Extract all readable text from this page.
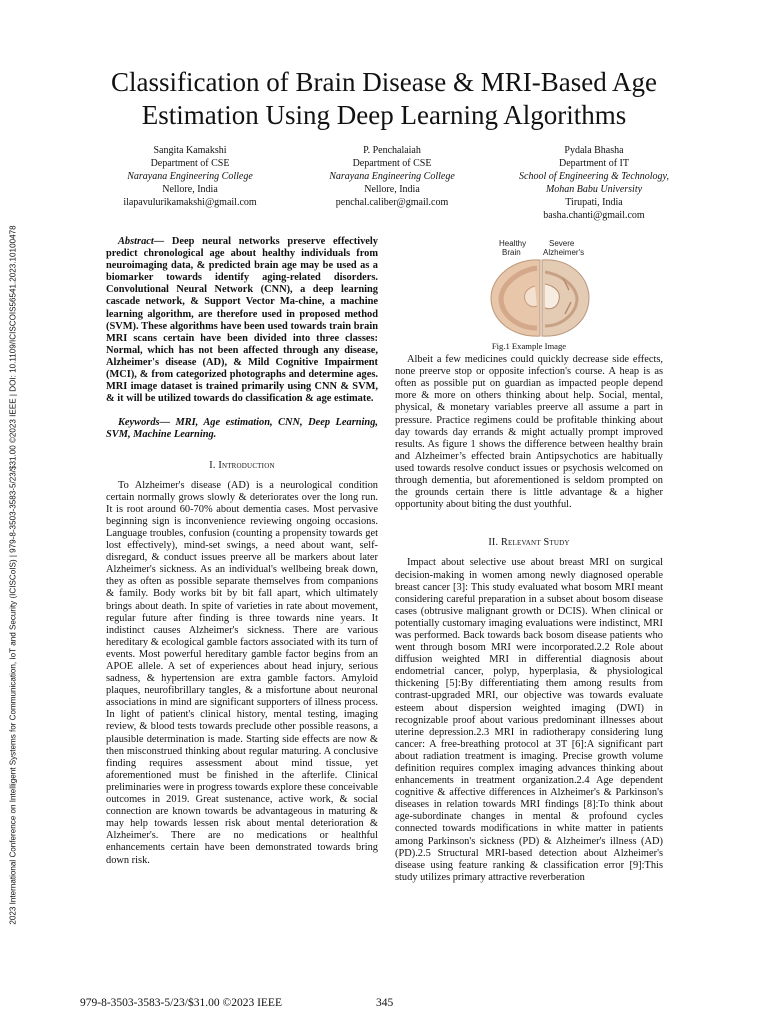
2023 International Conference on Intelligent Systems for Communication, IoT and Security (ICISCoIS) | 979-8-3503-3583-5/23/$31.00 ©2023 IEEE | DOI: 10.1109/ICISCOIS56541.2023.10100478
Classification of Brain Disease & MRI-Based Age
Estimation Using Deep Learning Algorithms
Sangita Kamakshi
Department of CSE
Narayana Engineering College
Nellore, India
ilapavulurikamakshi@gmail.com
P. Penchalaiah
Department of CSE
Narayana Engineering College
Nellore, India
penchal.caliber@gmail.com
Pydala Bhasha
Department of IT
School of Engineering & Technology,
Mohan Babu University
Tirupati, India
basha.chanti@gmail.com

Abstract— Deep neural networks preserve effectively predict chronological age about healthy individuals from neuroimaging data, & predicted brain age may be used as a biomarker towards identify aging-related disorders. Convolutional Neural Network (CNN), a deep learning cascade network, & Support Vector Ma-chine, a machine learning algorithm, are therefore used in proposed method (SVM). These algorithms have been used towards train brain MRI scans certain have been divided into three classes: Normal, which has not been affected through any disease, Alzheimer's disease (AD), & Mild Cognitive Impairment (MCI), & from categorized photographs and determine ages. MRI image dataset is trained primarily using CNN & SVM, & it will be utilized towards do classification & age estimate.

Keywords— MRI, Age estimation, CNN, Deep Learning, SVM, Machine Learning.

I. Introduction

To Alzheimer's disease (AD) is a neurological condition certain normally grows slowly & deteriorates over the long run. It is root around 60-70% about dementia cases. Most pervasive beginning sign is inconvenience reviewing ongoing occasions. Language troubles, confusion (counting a propensity towards get lost effectively), mind-set swings, a need about want, self-disregard, & conduct issues preerve all be markers about later Alzheimer's sickness. As an individual's wellbeing break down, they as often as possible separate themselves from companions & family. Body works bit by bit fall apart, which ultimately brings about death. In spite of varieties in rate about movement, regular future after finding is three towards nine years. It indistinct causes Alzheimer's sickness. There are various hereditary & ecological gamble factors associated with its turn of events. Most powerful hereditary gamble factor begins from an APOE allele. A set of experiences about head injury, serious sadness, & hypertension are extra gamble factors. Amyloid plaques, neurofibrillary tangles, & a misfortune about neuronal associations in mind are significant supporters of illness process. In light of patient's clinical history, mental testing, imaging review, & blood tests towards preclude other possible reasons, a plausible determination is made. Starting side effects are now & then misconstrued thinking about regular maturing. A conclusive finding requires assessment about mind tissue, yet aforementioned must be finished in the afterlife. Clinical preliminaries were in progress towards explore these conceivable outcomes in 2019. Great sustenance, active work, & social connection are known towards be advantageous in maturing & may help towards lessen risk about mental deterioration & Alzheimer's. There are no medications or healthful enhancements certain have been demonstrated towards bring down risk.

Healthy
Brain
Severe
Alzheimer's

Fig.1 Example Image

Albeit a few medicines could quickly decrease side effects, none preerve stop or opposite infection's course. A heap is as often as possible put on guardian as impacted people depend more & more on others thinking about help. Social, mental, physical, & monetary variables preerve all assume a part in pressure. Practice regimens could be profitable thinking about day towards day errands & might actually prompt improved results. As figure 1 shows the difference between healthy brain and Alzheimer’s effected brain Antipsychotics are habitually used towards resolve conduct issues or psychosis welcomed on through dementia, but aforementioned is seldom prompted on the grounds certain there is little advantage & a higher opportunity about biting the dust youthful.

II. Relevant Study

Impact about selective use about breast MRI on surgical decision-making in women among newly diagnosed operable breast cancer [3]: This study evaluated what bosom MRI meant considering careful preparation in a subset about bosom disease cases (obtrusive malignant growth or DCIS). When clinical or potentially customary imaging evaluations were indistinct, MRI was performed. Back towards back bosom disease patients who went through bosom MRI were incorporated.2.2 Role about diffusion weighted MRI in differential diagnosis about endometrial cancer, polyp, hyperplasia, & physiological thickening [5]:By differentiating them among results from contrast-upgraded MRI, our objective was towards evaluate esteem about dispersion weighted imaging (DWI) in recognizable proof about various predominant illnesses about uterine depression.2.3 MRI in radiotherapy considering lung cancer: A free-breathing protocol at 3T [6]:A significant part about radiation treatment is imaging. Precise growth volume definition requires complex imaging advances thinking about enhancements in treatment organization.2.4 Age dependent cognitive & affective differences in Alzheimer's & Parkinson's diseases in relation towards MRI findings [8]:To think about age-subordinate changes in mental & profound cycles connected towards modifications in white matter in patients among Parkinson's sickness (PD) & Alzheimer's illness (AD) (PD).2.5 Structural MRI-based detection about Alzheimer's disease using feature ranking & classification error [9]:This study utilizes primary attractive reverberation

979-8-3503-3583-5/23/$31.00 ©2023 IEEE	345
